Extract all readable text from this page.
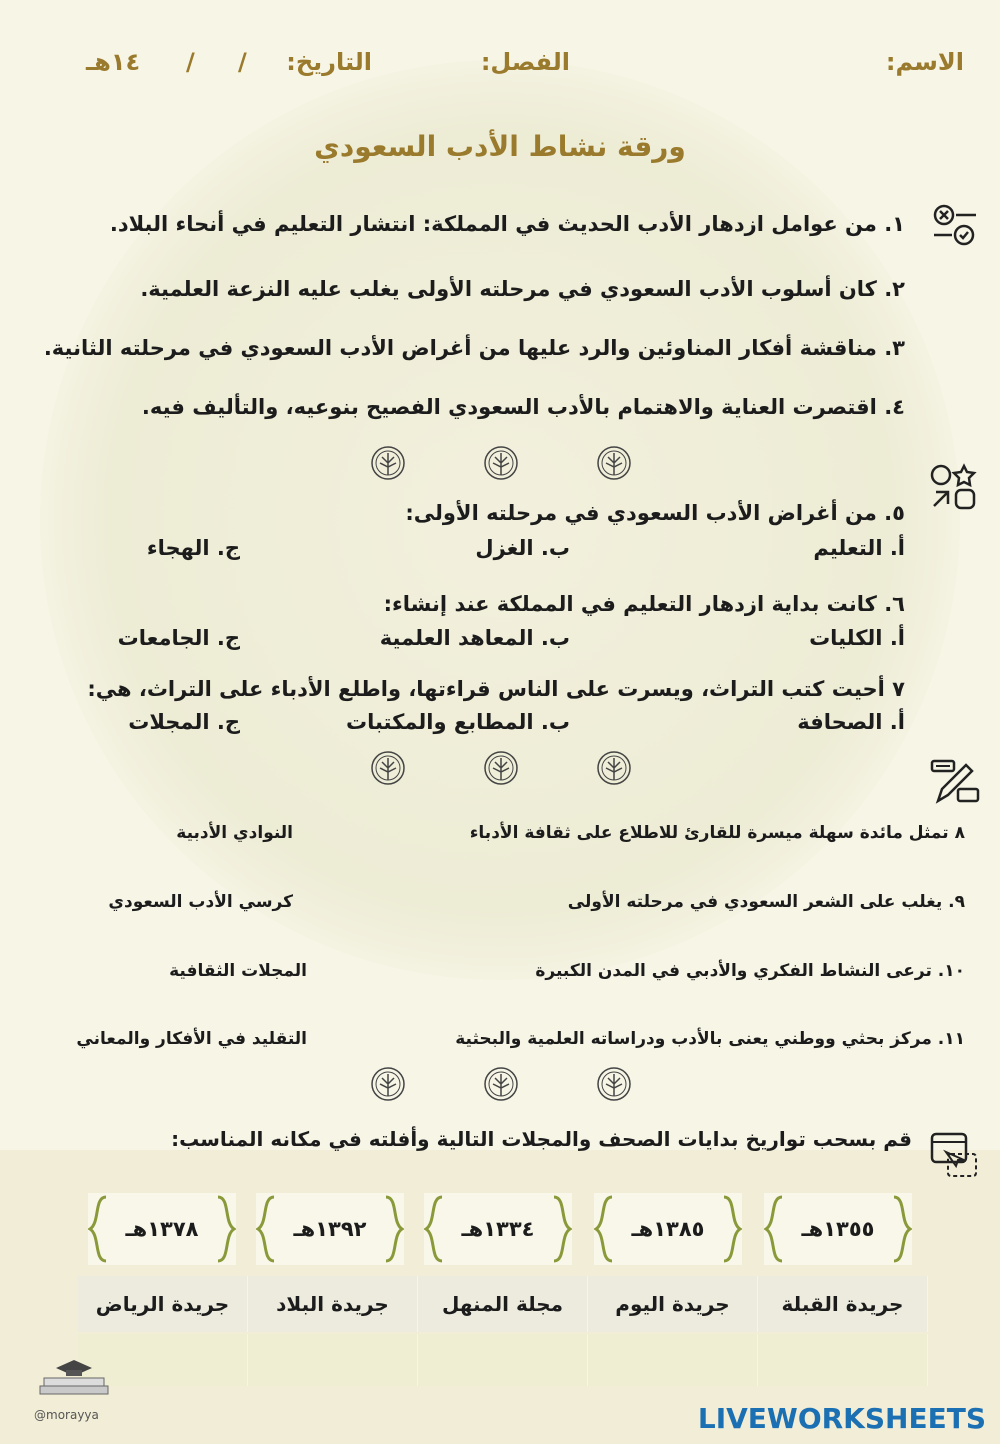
الاسم:
الفصل:
التاريخ:
/
/
١٤هـ
ورقة نشاط الأدب السعودي
١. من عوامل ازدهار الأدب الحديث في المملكة: انتشار التعليم في أنحاء البلاد.
٢. كان أسلوب الأدب السعودي في مرحلته الأولى يغلب عليه النزعة العلمية.
٣. مناقشة أفكار المناوئين والرد عليها من أغراض الأدب السعودي في مرحلته الثانية.
٤. اقتصرت العناية والاهتمام بالأدب السعودي الفصيح بنوعيه، والتأليف فيه.
٥. من أغراض الأدب السعودي في مرحلته الأولى:
أ. التعليم
ب. الغزل
ج. الهجاء
٦. كانت بداية ازدهار التعليم في المملكة عند إنشاء:
أ. الكليات
ب. المعاهد العلمية
ج. الجامعات
٧ أحيت كتب التراث، ويسرت على الناس قراءتها، واطلع الأدباء على التراث، هي:
أ. الصحافة
ب. المطابع والمكتبات
ج. المجلات
٨ تمثل مائدة سهلة ميسرة للقارئ للاطلاع على ثقافة الأدباء
النوادي الأدبية
٩. يغلب على الشعر السعودي في مرحلته الأولى
كرسي الأدب السعودي
١٠. ترعى النشاط الفكري والأدبي في المدن الكبيرة
المجلات الثقافية
١١. مركز بحثي ووطني يعنى بالأدب ودراساته العلمية والبحثية
التقليد في الأفكار والمعاني
قم بسحب تواريخ بدايات الصحف والمجلات التالية وأفلته في مكانه المناسب:
١٣٥٥هـ
١٣٨٥هـ
١٣٣٤هـ
١٣٩٢هـ
١٣٧٨هـ
جريدة القبلة
جريدة اليوم
مجلة المنهل
جريدة البلاد
جريدة الرياض
@morayya	LIVEWORKSHEETS
